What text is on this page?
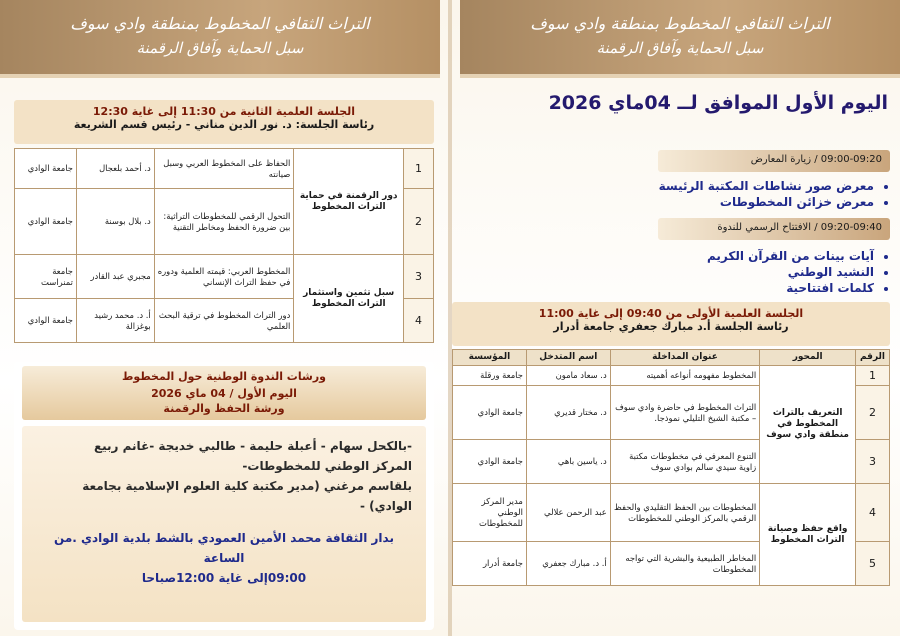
التراث الثقافي المخطوط بمنطقة وادي سوف
سبل الحماية وآفاق الرقمنة
التراث الثقافي المخطوط بمنطقة وادي سوف
سبل الحماية وآفاق الرقمنة
اليوم الأول الموافق لــ 04ماي 2026
09:00-09:20 / زيارة المعارض
• معرض صور نشاطات المكتبة الرئيسة
• معرض خزائن المخطوطات
09:20-09:40 / الافتتاح الرسمي للندوة
• آيات بينات من القرآن الكريم
• النشيد الوطني
• كلمات افتتاحية
الجلسة العلمية الأولى من 09:40 إلى غاية 11:00
رئاسة الجلسة أ.د مبارك جعفري جامعة أدرار
الرقم	المحور	عنوان المداخلة	اسم المتدخل	المؤسسة
1	التعريف بالتراث المخطوط في منطقة وادي سوف	المخطوط مفهومه أنواعه أهميته	د. سعاد مامون	جامعة ورقلة
2		التراث المخطوط في حاضرة وادي سوف – مكتبة الشيخ التليلي نموذجا.	د. مختار قديري	جامعة الوادي
3		التنوع المعرفي في مخطوطات مكتبة زاوية سيدي سالم بوادي سوف	د. ياسين باهي	جامعة الوادي
4	واقع حفظ وصيانة التراث المخطوط	المخطوطات بين الحفظ التقليدي والحفظ الرقمي بالمركز الوطني للمخطوطات	عبد الرحمن علالي	مدير المركز الوطني للمخطوطات
5		المخاطر الطبيعية والبشرية التي تواجه المخطوطات	أ. د. مبارك جعفري	جامعة أدرار
الجلسة العلمية الثانية من 11:30 إلى غاية 12:30
رئاسة الجلسة: د. نور الدين مناني - رئيس قسم الشريعة
1	دور الرقمنة في حماية التراث المخطوط	الحفاظ على المخطوط العربي وسبل صيانته	د. أحمد بلعجال	جامعة الوادي
2		التحول الرقمي للمخطوطات التراثية: بين ضرورة الحفظ ومخاطر التقنية	د. بلال بوسنة	جامعة الوادي
3	سبل تثمين واستثمار التراث المخطوط	المخطوط العربي: قيمته العلمية ودوره في حفظ التراث الإنساني	مجبري عبد القادر	جامعة تمنراست
4		دور التراث المخطوط في ترقية البحث العلمي	أ. د. محمد رشيد بوغزالة	جامعة الوادي
ورشات الندوة الوطنية حول المخطوط
اليوم الأول / 04 ماي 2026
ورشة الحفظ والرقمنة
-بالكحل سهام - أعبلة حليمة - طالبي خديجة -غانم ربيع
المركز الوطني للمخطوطات-
بلقاسم مرغني (مدير مكتبة كلية العلوم الإسلامية بجامعة الوادي) -
بدار الثقافة محمد الأمين العمودي بالشط بلدية الوادي .من الساعة
09:00إلى غاية 12:00صباحا
